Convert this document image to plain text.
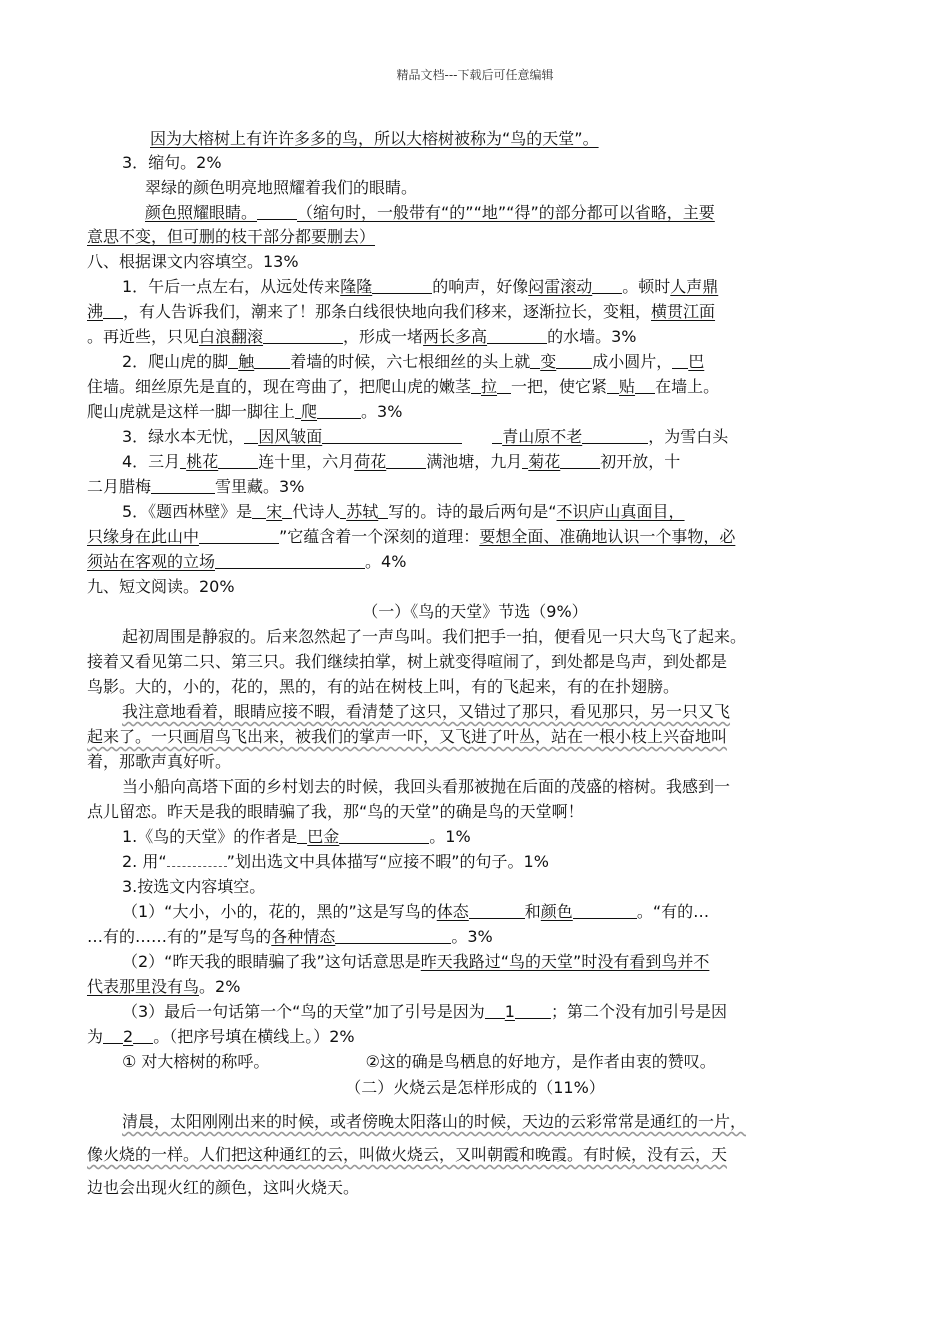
精品文档---下载后可任意编辑
因为大榕树上有许许多多的鸟，所以大榕树被称为“鸟的天堂”。
3．缩句。2%
翠绿的颜色明亮地照耀着我们的眼睛。
颜色照耀眼睛。	（缩句时，一般带有“的”“地”“得”的部分都可以省略，主要
意思不变，但可删的枝干部分都要删去）
八、根据课文内容填空。13%
1．午后一点左右，从远处传来隆隆	的响声，好像闷雷滚动 。顿时人声鼎
沸 ，有人告诉我们，潮来了！那条白线很快地向我们移来，逐渐拉长，变粗，横贯江面
。再近些，只见白浪翻滚	，形成一堵两长多高	的水墙。3%
2．爬山虎的脚 触 着墙的时候，六七根细丝的头上就 变 成小圆片， 巴
住墙。细丝原先是直的，现在弯曲了，把爬山虎的嫩茎 拉 一把，使它紧 贴 在墙上。
爬山虎就是这样一脚一脚往上 爬	。3%
3．绿水本无忧， 因风皱面	青山原不老	，为雪白头
4．三月 桃花	连十里，六月荷花	满池塘，九月 菊花	初开放，十
二月腊梅	雪里藏。3%
5．《题西林壁》是 宋 代诗人 苏轼 写的。诗的最后两句是“不识庐山真面目，
只缘身在此山中	”它蕴含着一个深刻的道理：要想全面、准确地认识一个事物，必
须站在客观的立场	。4%
九、短文阅读。20%
（一）《鸟的天堂》节选（9%）
起初周围是静寂的。后来忽然起了一声鸟叫。我们把手一拍，便看见一只大鸟飞了起来。
接着又看见第二只、第三只。我们继续拍掌，树上就变得喧闹了，到处都是鸟声，到处都是
鸟影。大的，小的，花的，黑的，有的站在树枝上叫，有的飞起来，有的在扑翅膀。
我注意地看着，眼睛应接不暇，看清楚了这只，又错过了那只，看见那只，另一只又飞
起来了。一只画眉鸟飞出来，被我们的掌声一吓，又飞进了叶丛，站在一根小枝上兴奋地叫
着，那歌声真好听。
当小船向高塔下面的乡村划去的时候，我回头看那被抛在后面的茂盛的榕树。我感到一
点儿留恋。昨天是我的眼睛骗了我，那“鸟的天堂”的确是鸟的天堂啊！
1.《鸟的天堂》的作者是 巴金	。1%
2. 用“	”划出选文中具体描写“应接不暇”的句子。1%
3.按选文内容填空。
（1）“大小，小的，花的，黑的”这是写鸟的体态	和颜色	。“有的…
…有的……有的”是写鸟的各种情态	。3%
（2）“昨天我的眼睛骗了我”这句话意思是昨天我路过“鸟的天堂”时没有看到鸟并不
代表那里没有鸟。2%
（3）最后一句话第一个“鸟的天堂”加了引号是因为 1 ；第二个没有加引号是因
为 2 。（把序号填在横线上。）2%
① 对大榕树的称呼。	②这的确是鸟栖息的好地方，是作者由衷的赞叹。
（二）火烧云是怎样形成的（11%）
清晨，太阳刚刚出来的时候，或者傍晚太阳落山的时候，天边的云彩常常是通红的一片，
像火烧的一样。人们把这种通红的云，叫做火烧云，又叫朝霞和晚霞。有时候，没有云，天
边也会出现火红的颜色，这叫火烧天。
